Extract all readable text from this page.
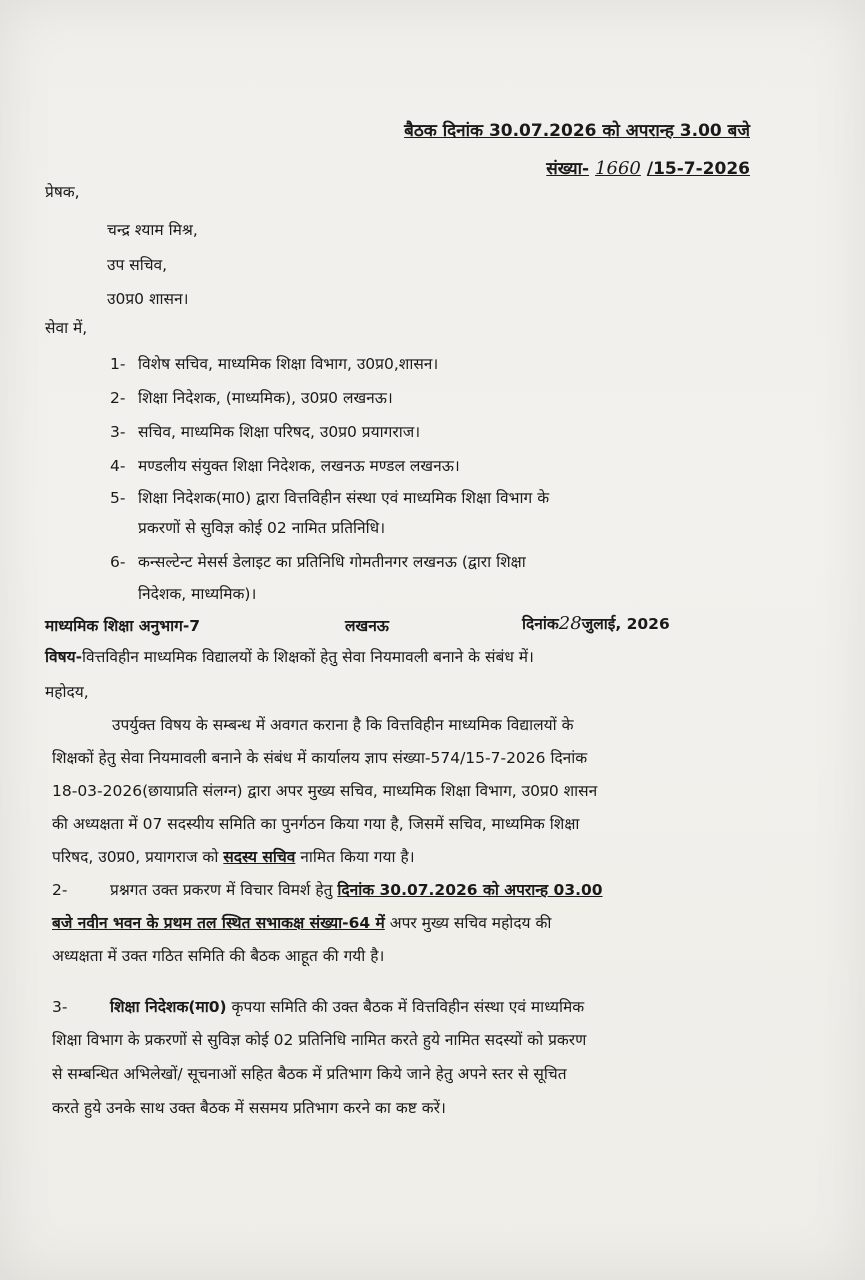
बैठक दिनांक 30.07.2026 को अपरान्ह 3.00 बजे
संख्या- 1660 /15-7-2026
प्रेषक,
चन्द्र श्याम मिश्र,
उप सचिव,
उ0प्र0 शासन।
सेवा में,
1- विशेष सचिव, माध्यमिक शिक्षा विभाग, उ0प्र0,शासन।
2- शिक्षा निदेशक, (माध्यमिक), उ0प्र0 लखनऊ।
3- सचिव, माध्यमिक शिक्षा परिषद, उ0प्र0 प्रयागराज।
4- मण्डलीय संयुक्त शिक्षा निदेशक, लखनऊ मण्डल लखनऊ।
5- शिक्षा निदेशक(मा0) द्वारा वित्तविहीन संस्था एवं माध्यमिक शिक्षा विभाग के
प्रकरणों से सुविज्ञ कोई 02 नामित प्रतिनिधि।
6- कन्सल्टेन्ट मेसर्स डेलाइट का प्रतिनिधि गोमतीनगर लखनऊ (द्वारा शिक्षा
निदेशक, माध्यमिक)।
माध्यमिक शिक्षा अनुभाग-7	लखनऊ	दिनांक28जुलाई, 2026
विषय-वित्तविहीन माध्यमिक विद्यालयों के शिक्षकों हेतु सेवा नियमावली बनाने के संबंध में।
महोदय,
उपर्युक्त विषय के सम्बन्ध में अवगत कराना है कि वित्तविहीन माध्यमिक विद्यालयों के
शिक्षकों हेतु सेवा नियमावली बनाने के संबंध में कार्यालय ज्ञाप संख्या-574/15-7-2026 दिनांक
18-03-2026(छायाप्रति संलग्न) द्वारा अपर मुख्य सचिव, माध्यमिक शिक्षा विभाग, उ0प्र0 शासन
की अध्यक्षता में 07 सदस्यीय समिति का पुनर्गठन किया गया है, जिसमें सचिव, माध्यमिक शिक्षा
परिषद, उ0प्र0, प्रयागराज को सदस्य सचिव नामित किया गया है।
2-	प्रश्नगत उक्त प्रकरण में विचार विमर्श हेतु दिनांक 30.07.2026 को अपरान्ह 03.00
बजे नवीन भवन के प्रथम तल स्थित सभाकक्ष संख्या-64 में अपर मुख्य सचिव महोदय की
अध्यक्षता में उक्त गठित समिति की बैठक आहूत की गयी है।
3-	शिक्षा निदेशक(मा0) कृपया समिति की उक्त बैठक में वित्तविहीन संस्था एवं माध्यमिक
शिक्षा विभाग के प्रकरणों से सुविज्ञ कोई 02 प्रतिनिधि नामित करते हुये नामित सदस्यों को प्रकरण
से सम्बन्धित अभिलेखों/ सूचनाओं सहित बैठक में प्रतिभाग किये जाने हेतु अपने स्तर से सूचित
करते हुये उनके साथ उक्त बैठक में ससमय प्रतिभाग करने का कष्ट करें।
